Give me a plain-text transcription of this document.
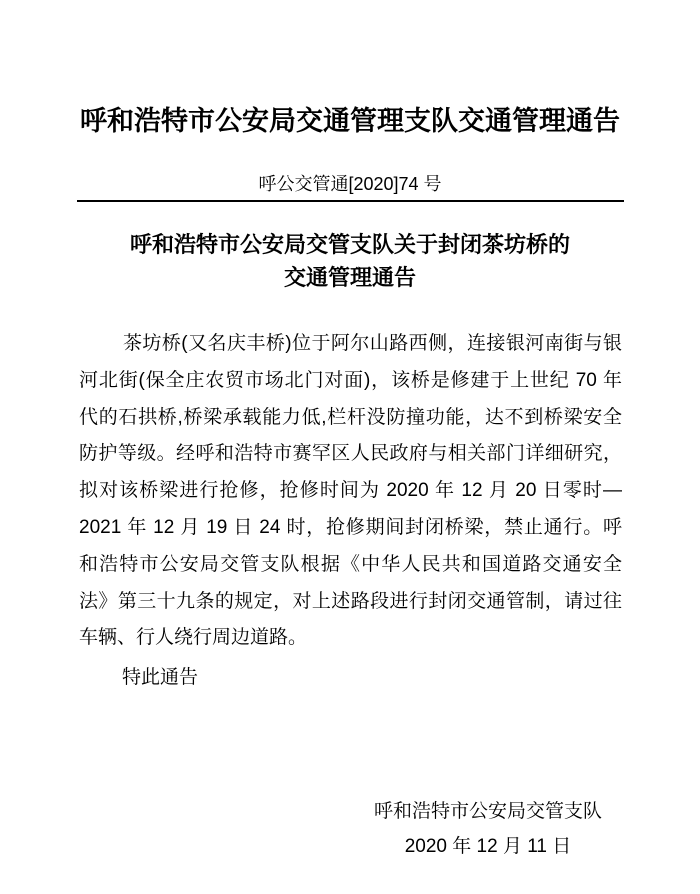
呼和浩特市公安局交通管理支队交通管理通告
呼公交管通[2020]74 号
呼和浩特市公安局交管支队关于封闭茶坊桥的
交通管理通告
茶坊桥(又名庆丰桥)位于阿尔山路西侧，连接银河南街与银
河北街(保全庄农贸市场北门对面)，该桥是修建于上世纪 70 年
代的石拱桥,桥梁承载能力低,栏杆没防撞功能，达不到桥梁安全
防护等级。经呼和浩特市赛罕区人民政府与相关部门详细研究，
拟对该桥梁进行抢修，抢修时间为 2020 年 12 月 20 日零时—
2021 年 12 月 19 日 24 时，抢修期间封闭桥梁，禁止通行。呼
和浩特市公安局交管支队根据《中华人民共和国道路交通安全
法》第三十九条的规定，对上述路段进行封闭交通管制，请过往
车辆、行人绕行周边道路。
特此通告
呼和浩特市公安局交管支队
2020 年 12 月 11 日
